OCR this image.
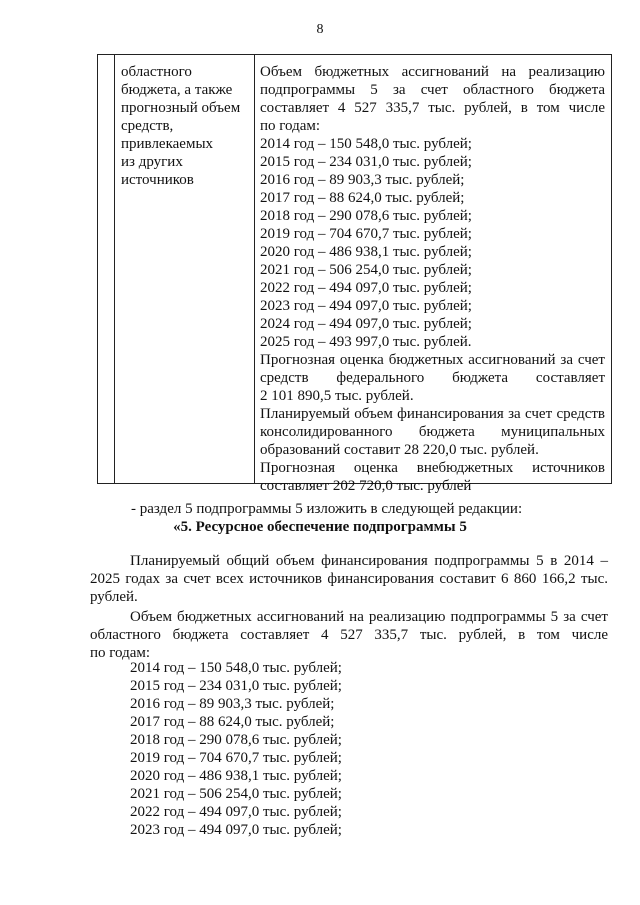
8
областного
бюджета, а также
прогнозный объем
средств,
привлекаемых
из других
источников
Объем бюджетных ассигнований на реализацию
подпрограммы 5 за счет областного бюджета
составляет 4 527 335,7 тыс. рублей, в том числе
по годам:
2014 год – 150 548,0 тыс. рублей;
2015 год – 234 031,0 тыс. рублей;
2016 год – 89 903,3 тыс. рублей;
2017 год – 88 624,0 тыс. рублей;
2018 год – 290 078,6 тыс. рублей;
2019 год – 704 670,7 тыс. рублей;
2020 год – 486 938,1 тыс. рублей;
2021 год – 506 254,0 тыс. рублей;
2022 год – 494 097,0 тыс. рублей;
2023 год – 494 097,0 тыс. рублей;
2024 год – 494 097,0 тыс. рублей;
2025 год – 493 997,0 тыс. рублей.
Прогнозная оценка бюджетных ассигнований за счет
средств федерального бюджета составляет
2 101 890,5 тыс. рублей.
Планируемый объем финансирования за счет средств
консолидированного бюджета муниципальных
образований составит 28 220,0 тыс. рублей.
Прогнозная оценка внебюджетных источников
составляет 202 720,0 тыс. рублей
- раздел 5 подпрограммы 5 изложить в следующей редакции:
«5. Ресурсное обеспечение подпрограммы 5
Планируемый общий объем финансирования подпрограммы 5 в 2014 –
2025 годах за счет всех источников финансирования составит 6 860 166,2 тыс.
рублей.
Объем бюджетных ассигнований на реализацию подпрограммы 5 за счет
областного бюджета составляет 4 527 335,7 тыс. рублей, в том числе
по годам:
2014 год – 150 548,0 тыс. рублей;
2015 год – 234 031,0 тыс. рублей;
2016 год – 89 903,3 тыс. рублей;
2017 год – 88 624,0 тыс. рублей;
2018 год – 290 078,6 тыс. рублей;
2019 год – 704 670,7 тыс. рублей;
2020 год – 486 938,1 тыс. рублей;
2021 год – 506 254,0 тыс. рублей;
2022 год – 494 097,0 тыс. рублей;
2023 год – 494 097,0 тыс. рублей;
